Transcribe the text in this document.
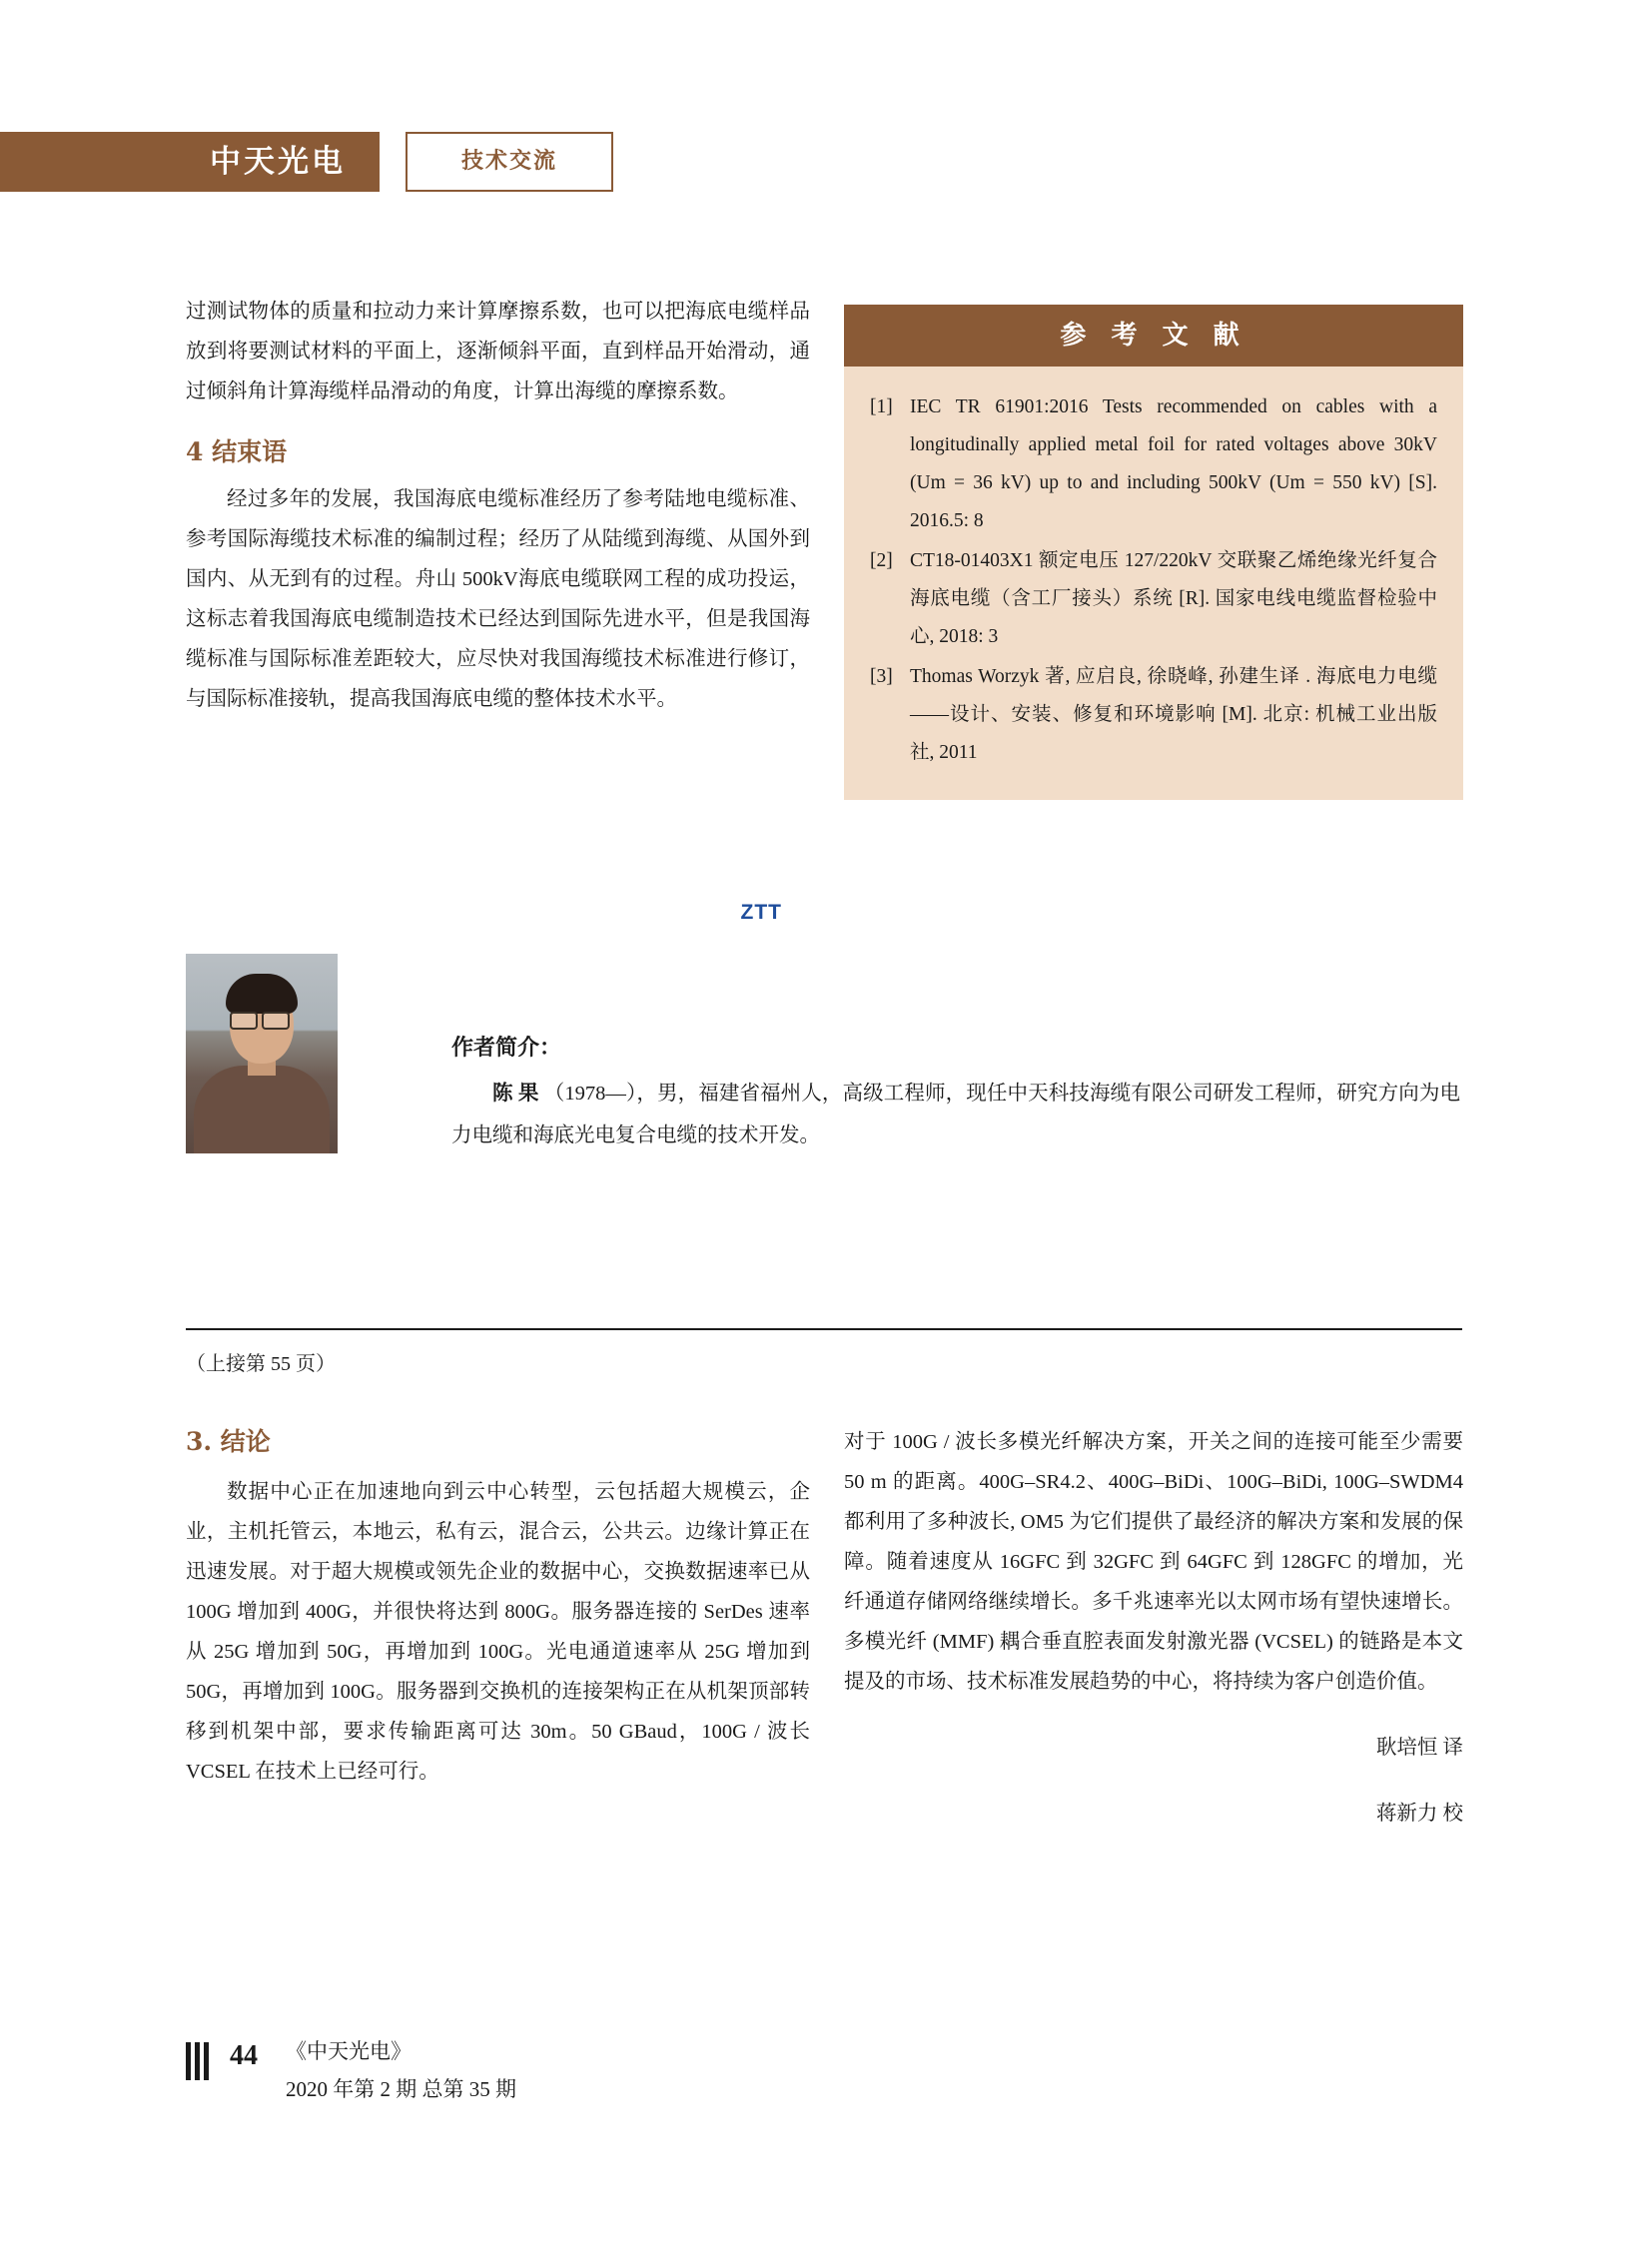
中天光电	技术交流

过测试物体的质量和拉动力来计算摩擦系数，也可以把海底电缆样品放到将要测试材料的平面上，逐渐倾斜平面，直到样品开始滑动，通过倾斜角计算海缆样品滑动的角度，计算出海缆的摩擦系数。

4 结束语

经过多年的发展，我国海底电缆标准经历了参考陆地电缆标准、参考国际海缆技术标准的编制过程；经历了从陆缆到海缆、从国外到国内、从无到有的过程。舟山 500kV海底电缆联网工程的成功投运，这标志着我国海底电缆制造技术已经达到国际先进水平，但是我国海缆标准与国际标准差距较大，应尽快对我国海缆技术标准进行修订，与国际标准接轨，提高我国海底电缆的整体技术水平。

ZTT
参 考 文 献
[1] IEC TR 61901:2016 Tests recommended on cables with a longitudinally applied metal foil for rated voltages above 30kV (Um = 36 kV) up to and including 500kV (Um = 550 kV) [S]. 2016.5: 8
[2] CT18-01403X1 额定电压 127/220kV 交联聚乙烯绝缘光纤复合海底电缆（含工厂接头）系统 [R]. 国家电线电缆监督检验中心, 2018: 3
[3] Thomas Worzyk 著, 应启良, 徐晓峰, 孙建生译 . 海底电力电缆——设计、安装、修复和环境影响 [M]. 北京: 机械工业出版社, 2011
作者简介：
陈 果 （1978—），男，福建省福州人，高级工程师，现任中天科技海缆有限公司研发工程师，研究方向为电力电缆和海底光电复合电缆的技术开发。
（上接第 55 页）
3. 结论

数据中心正在加速地向到云中心转型，云包括超大规模云，企业，主机托管云，本地云，私有云，混合云，公共云。边缘计算正在迅速发展。对于超大规模或领先企业的数据中心，交换数据速率已从 100G 增加到 400G，并很快将达到 800G。服务器连接的 SerDes 速率从 25G 增加到 50G，再增加到 100G。光电通道速率从 25G 增加到 50G，再增加到 100G。服务器到交换机的连接架构正在从机架顶部转移到机架中部，要求传输距离可达 30m。50 GBaud，100G / 波长 VCSEL 在技术上已经可行。

对于 100G / 波长多模光纤解决方案，开关之间的连接可能至少需要 50 m 的距离。400G–SR4.2、400G–BiDi、100G–BiDi, 100G–SWDM4 都利用了多种波长, OM5 为它们提供了最经济的解决方案和发展的保障。随着速度从 16GFC 到 32GFC 到 64GFC 到 128GFC 的增加，光纤通道存储网络继续增长。多千兆速率光以太网市场有望快速增长。多模光纤 (MMF) 耦合垂直腔表面发射激光器 (VCSEL) 的链路是本文提及的市场、技术标准发展趋势的中心，将持续为客户创造价值。

耿培恒 译
蒋新力 校
44 《中天光电》
2020 年第 2 期 总第 35 期
